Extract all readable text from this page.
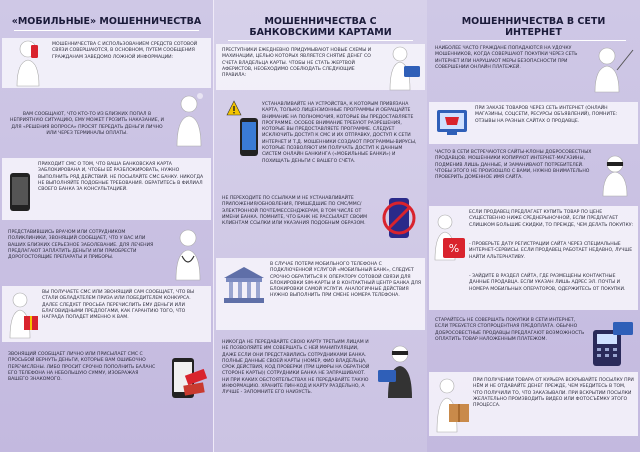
«МОБИЛЬНЫЕ» МОШЕННИЧЕСТВА
МОШЕННИЧЕСТВА С ИСПОЛЬЗОВАНИЕМ СРЕДСТВ СОТОВОЙ СВЯЗИ СОВЕРШАЮТСЯ, В ОСНОВНОМ, ПУТЕМ СООБЩЕНИЯ ГРАЖДАНАМ ЗАВЕДОМО ЛОЖНОЙ ИНФОРМАЦИИ:
ВАМ СООБЩАЮТ, ЧТО КТО-ТО ИЗ БЛИЗКИХ ПОПАЛ В НЕПРИЯТНУЮ СИТУАЦИЮ, ЕМУ МОЖЕТ ГРОЗИТЬ НАКАЗАНИЕ, И ДЛЯ «РЕШЕНИЯ ВОПРОСА» ПРОСЯТ ПЕРЕДАТЬ ДЕНЬГИ ЛИЧНО ИЛИ ЧЕРЕЗ ТЕРМИНАЛЫ ОПЛАТЫ.
ПРИХОДИТ СМС О ТОМ, ЧТО ВАША БАНКОВСКАЯ КАРТА ЗАБЛОКИРОВАНА И, ЧТОБЫ ЕЁ РАЗБЛОКИРОВАТЬ, НУЖНО ВЫПОЛНИТЬ РЯД ДЕЙСТВИЙ. НЕ ПОСЫЛАЙТЕ СМС БАНКУ. НИКОГДА НЕ ВЫПОЛНЯЙТЕ ПОДОБНЫЕ ТРЕБОВАНИЯ. ОБРАТИТЕСЬ В ФИЛИАЛ СВОЕГО БАНКА ЗА КОНСУЛЬТАЦИЕЙ.
ПРЕДСТАВИВШИСЬ ВРАЧОМ ИЛИ СОТРУДНИКОМ ПОЛИКЛИНИКИ, ЗВОНЯЩИЙ СООБЩАЕТ, ЧТО У ВАС ИЛИ ВАШИХ БЛИЗКИХ СЕРЬЕЗНОЕ ЗАБОЛЕВАНИЕ. ДЛЯ ЛЕЧЕНИЯ ПРЕДЛАГАЮТ ЗАПЛАТИТЬ ДЕНЬГИ ИЛИ ПРИОБРЕСТИ ДОРОГОСТОЯЩИЕ ПРЕПАРАТЫ И ПРИБОРЫ.
ВЫ ПОЛУЧАЕТЕ СМС ИЛИ ЗВОНЯЩИЙ САМ СООБЩАЕТ, ЧТО ВЫ СТАЛИ ОБЛАДАТЕЛЕМ ПРИЗА ИЛИ ПОБЕДИТЕЛЕМ КОНКУРСА. ДАЛЕЕ СЛЕДУЕТ ПРОСЬБА ПЕРЕЧИСЛИТЬ ЕМУ ДЕНЬГИ ИЛИ БЛАГОВИДНЫМИ ПРЕДЛОГАМИ, КАК ГАРАНТИЮ ТОГО, ЧТО НАГРАДА ПОПАДЕТ ИМЕННО К ВАМ.
ЗВОНЯЩИЙ СООБЩАЕТ ЛИЧНО ИЛИ ПРИСЫЛАЕТ СМС С ПРОСЬБОЙ ВЕРНУТЬ ДЕНЬГИ, КОТОРЫЕ ВАМ ОШИБОЧНО ПЕРЕЧИСЛЕНЫ. ЛИБО ПРОСИТ СРОЧНО ПОПОЛНИТЬ БАЛАНС ЕГО ТЕЛЕФОНА НА НЕБОЛЬШУЮ СУММУ, ИЗОБРАЖАЯ ВАШЕГО ЗНАКОМОГО.
МОШЕННИЧЕСТВА С БАНКОВСКИМИ КАРТАМИ
ПРЕСТУПНИКИ ЕЖЕДНЕВНО ПРИДУМЫВАЮТ НОВЫЕ СХЕМЫ И МАХИНАЦИИ, ЦЕЛЬЮ КОТОРЫХ ЯВЛЯЕТСЯ СНЯТИЕ ДЕНЕГ СО СЧЕТА ВЛАДЕЛЬЦА КАРТЫ. ЧТОБЫ НЕ СТАТЬ ЖЕРТВОЙ АФЕРИСТОВ, НЕОБХОДИМО СОБЛЮДАТЬ СЛЕДУЮЩИЕ ПРАВИЛА:
УСТАНАВЛИВАЙТЕ НА УСТРОЙСТВА, К КОТОРЫМ ПРИВЯЗАНА КАРТА, ТОЛЬКО ЛИЦЕНЗИОННЫЕ ПРОГРАММЫ И ОБРАЩАЙТЕ ВНИМАНИЕ НА ПОЛНОМОЧИЯ, КОТОРЫЕ ВЫ ПРЕДОСТАВЛЯЕТЕ ПРОГРАММЕ. ОСОБОЕ ВНИМАНИЕ ТРЕБУЮТ РАЗРЕШЕНИЯ, КОТОРЫЕ ВЫ ПРЕДОСТАВЛЯЕТЕ ПРОГРАММЕ. СЛЕДУЕТ ИСКЛЮЧИТЬ ДОСТУП К СМС И ИХ ОТПРАВКУ, ДОСТУП К СЕТИ ИНТЕРНЕТ И Т.Д. МОШЕННИКИ СОЗДАЮТ ПРОГРАММЫ-ВИРУСЫ, КОТОРЫЕ ПОЗВОЛЯЮТ ИМ ПОЛУЧАТЬ ДОСТУП К ДАННЫМ СИСТЕМ ОНЛАЙН БАНКИНГА («МОБИЛЬНЫЕ БАНКИ») И ПОХИЩАТЬ ДЕНЬГИ С ВАШЕГО СЧЁТА.
НЕ ПЕРЕХОДИТЕ ПО ССЫЛКАМ И НЕ УСТАНАВЛИВАЙТЕ ПРИЛОЖЕНИЯ/ОБНОВЛЕНИЯ, ПРИШЕДШИЕ ПО СМС/ММС/ЭЛЕКТРОННОЙ ПОЧТЕ/МЕССЕНДЖЕРАМ, В ТОМ ЧИСЛЕ ОТ ИМЕНИ БАНКА. ПОМНИТЕ, ЧТО БАНК НЕ РАССЫЛАЕТ СВОИМ КЛИЕНТАМ ССЫЛКИ ИЛИ УКАЗАНИЯ ПОДОБНЫМ ОБРАЗОМ.
В СЛУЧАЕ ПОТЕРИ МОБИЛЬНОГО ТЕЛЕФОНА С ПОДКЛЮЧЕННОЙ УСЛУГОЙ «МОБИЛЬНЫЙ БАНК», СЛЕДУЕТ СРОЧНО ОБРАТИТЬСЯ К ОПЕРАТОРУ СОТОВОЙ СВЯЗИ ДЛЯ БЛОКИРОВКИ SIM-КАРТЫ И В КОНТАКТНЫЙ ЦЕНТР БАНКА ДЛЯ БЛОКИРОВКИ САМОЙ УСЛУГИ. АНАЛОГИЧНЫЕ ДЕЙСТВИЯ НУЖНО ВЫПОЛНИТЬ ПРИ СМЕНЕ НОМЕРА ТЕЛЕФОНА.
НИКОГДА НЕ ПЕРЕДАВАЙТЕ СВОЮ КАРТУ ТРЕТЬИМ ЛИЦАМ И НЕ ПОЗВОЛЯЙТЕ ИМ СОВЕРШАТЬ С НЕЙ МАНИПУЛЯЦИИ, ДАЖЕ ЕСЛИ ОНИ ПРЕДСТАВИЛИСЬ СОТРУДНИКАМИ БАНКА. ПОЛНЫЕ ДАННЫЕ СВОЕЙ КАРТЫ (НОМЕР, ФИО ВЛАДЕЛЬЦА, СРОК ДЕЙСТВИЯ, КОД ПРОВЕРКИ (ТРИ ЦИФРЫ НА ОБРАТНОЙ СТОРОНЕ КАРТЫ)) СОТРУДНИКИ БАНКА НЕ ЗАПРАШИВАЮТ. НИ ПРИ КАКИХ ОБСТОЯТЕЛЬСТВАХ НЕ ПЕРЕДАВАЙТЕ ТАКУЮ ИНФОРМАЦИЮ. ХРАНИТЕ ПИН-КОД И КАРТУ РАЗДЕЛЬНО, А ЛУЧШЕ - ЗАПОМНИТЕ ЕГО НАИЗУСТЬ.
МОШЕННИЧЕСТВА В СЕТИ ИНТЕРНЕТ
НАИБОЛЕЕ ЧАСТО ГРАЖДАНЕ ПОПАДАЮТСЯ НА УДОЧКУ МОШЕННИКОВ, КОГДА СОВЕРШАЮТ ПОКУПКИ ЧЕРЕЗ СЕТЬ ИНТЕРНЕТ ИЛИ НАРУШАЮТ МЕРЫ БЕЗОПАСНОСТИ ПРИ СОВЕРШЕНИИ ОНЛАЙН ПЛАТЕЖЕЙ.
ПРИ ЗАКАЗЕ ТОВАРОВ ЧЕРЕЗ СЕТЬ ИНТЕРНЕТ (ОНЛАЙН МАГАЗИНЫ, СОЦСЕТИ, РЕСУРСЫ ОБЪЯВЛЕНИЙ), ПОМНИТЕ: ОТЗЫВЫ НА РАЗНЫХ САЙТАХ О ПРОДАВЦЕ.
ЧАСТО В СЕТИ ВСТРЕЧАЮТСЯ САЙТЫ-КЛОНЫ ДОБРОСОВЕСТНЫХ ПРОДАВЦОВ. МОШЕННИКИ КОПИРУЮТ ИНТЕРНЕТ-МАГАЗИНЫ, ПОДМЕНИВ ЛИШЬ ДАННЫЕ, И ЗАМАНИВАЮТ ПОТРЕБИТЕЛЕЙ. ЧТОБЫ ЭТОГО НЕ ПРОИЗОШЛО С ВАМИ, НУЖНО ВНИМАТЕЛЬНО ПРОВЕРИТЬ ДОМЕННОЕ ИМЯ САЙТА.
%
ЕСЛИ ПРОДАВЕЦ ПРЕДЛАГАЕТ КУПИТЬ ТОВАР ПО ЦЕНЕ СУЩЕСТВЕННО НИЖЕ СРЕДНЕРЫНОЧНОЙ, ЕСЛИ ПРЕДЛАГАЕТ СЛИШКОМ БОЛЬШИЕ СКИДКИ, ТО ПРЕЖДЕ, ЧЕМ ДЕЛАТЬ ПОКУПКУ:
- ПРОВЕРЬТЕ ДАТУ РЕГИСТРАЦИИ САЙТА ЧЕРЕЗ СПЕЦИАЛЬНЫЕ ИНТЕРНЕТ-СЕРВИСЫ. ЕСЛИ ПРОДАВЕЦ РАБОТАЕТ НЕДАВНО, ЛУЧШЕ НАЙТИ АЛЬТЕРНАТИВУ.
- ЗАЙДИТЕ В РАЗДЕЛ САЙТА, ГДЕ РАЗМЕЩЕНЫ КОНТАКТНЫЕ ДАННЫЕ ПРОДАВЦА. ЕСЛИ УКАЗАН ЛИШЬ АДРЕС ЭЛ. ПОЧТЫ И НОМЕРА МОБИЛЬНЫХ ОПЕРАТОРОВ, ОДЕРЖИТЕСЬ ОТ ПОКУПКИ.
СТАРАЙТЕСЬ НЕ СОВЕРШАТЬ ПОКУПКИ В СЕТИ ИНТЕРНЕТ, ЕСЛИ ТРЕБУЕТСЯ СТОПРОЦЕНТНАЯ ПРЕДОПЛАТА. ОБЫЧНО ДОБРОСОВЕСТНЫЕ ПРОДАВЦЫ ПРЕДЛАГАЮТ ВОЗМОЖНОСТЬ ОПЛАТИТЬ ТОВАР НАЛОЖЕННЫМ ПЛАТЕЖОМ.
ПРИ ПОЛУЧЕНИИ ТОВАРА ОТ КУРЬЕРА ВСКРЫВАЙТЕ ПОСЫЛКУ ПРИ НЁМ И НЕ ОТДАВАЙТЕ ДЕНЕГ ПРЕЖДЕ, ЧЕМ УБЕДИТЕСЬ В ТОМ, ЧТО ПОЛУЧИЛИ ТО, ЧТО ЗАКАЗЫВАЛИ. ПРИ ВСКРЫТИИ ПОСЫЛКИ ЖЕЛАТЕЛЬНО ПРОИЗВОДИТЬ ВИДЕО ИЛИ ФОТОСЪЁМКУ ЭТОГО ПРОЦЕССА.
